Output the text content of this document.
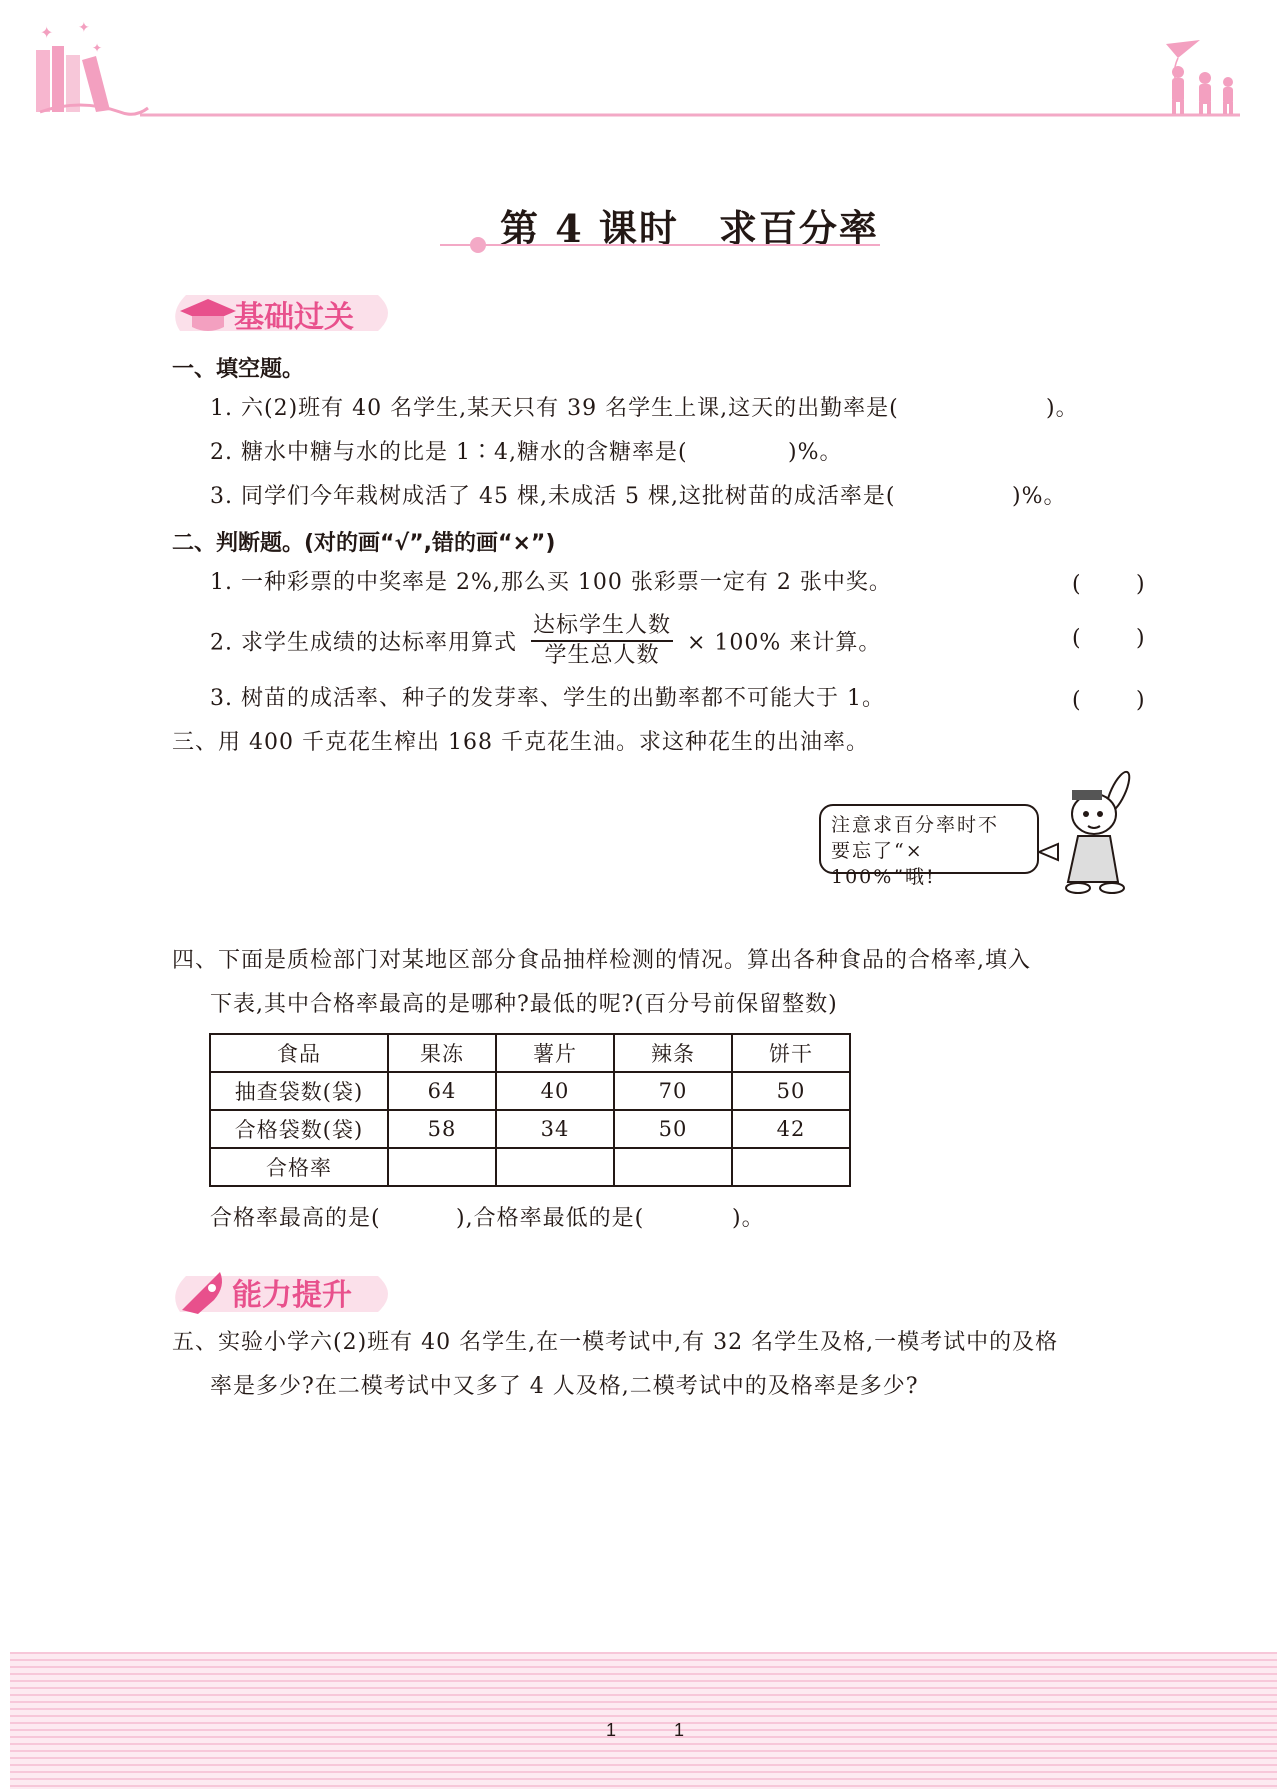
✦ ✦
✦
第 4 课时　求百分率
基础过关
一、填空题。
1. 六(2)班有 40 名学生,某天只有 39 名学生上课,这天的出勤率是(	)。
2. 糖水中糖与水的比是 1∶4,糖水的含糖率是(	)%。
3. 同学们今年栽树成活了 45 棵,未成活 5 棵,这批树苗的成活率是(	)%。
二、判断题。(对的画“√”,错的画“×”)
1. 一种彩票的中奖率是 2%,那么买 100 张彩票一定有 2 张中奖。	(	)
2. 求学生成绩的达标率用算式 $\frac{\text{达标学生人数}}{\text{学生总人数}} \times 100\%$ 来计算。	(	)
3. 树苗的成活率、种子的发芽率、学生的出勤率都不可能大于 1。	(	)
三、用 400 千克花生榨出 168 千克花生油。求这种花生的出油率。
注意求百分率时不
要忘了“× 100%”哦!
四、下面是质检部门对某地区部分食品抽样检测的情况。算出各种食品的合格率,填入
下表,其中合格率最高的是哪种?最低的呢?(百分号前保留整数)
食品	果冻	薯片	辣条	饼干
抽查袋数(袋)	64	40	70	50
合格袋数(袋)	58	34	50	42
合格率				
合格率最高的是(	),合格率最低的是(	)。
能力提升
五、实验小学六(2)班有 40 名学生,在一模考试中,有 32 名学生及格,一模考试中的及格
率是多少?在二模考试中又多了 4 人及格,二模考试中的及格率是多少?
1	1
